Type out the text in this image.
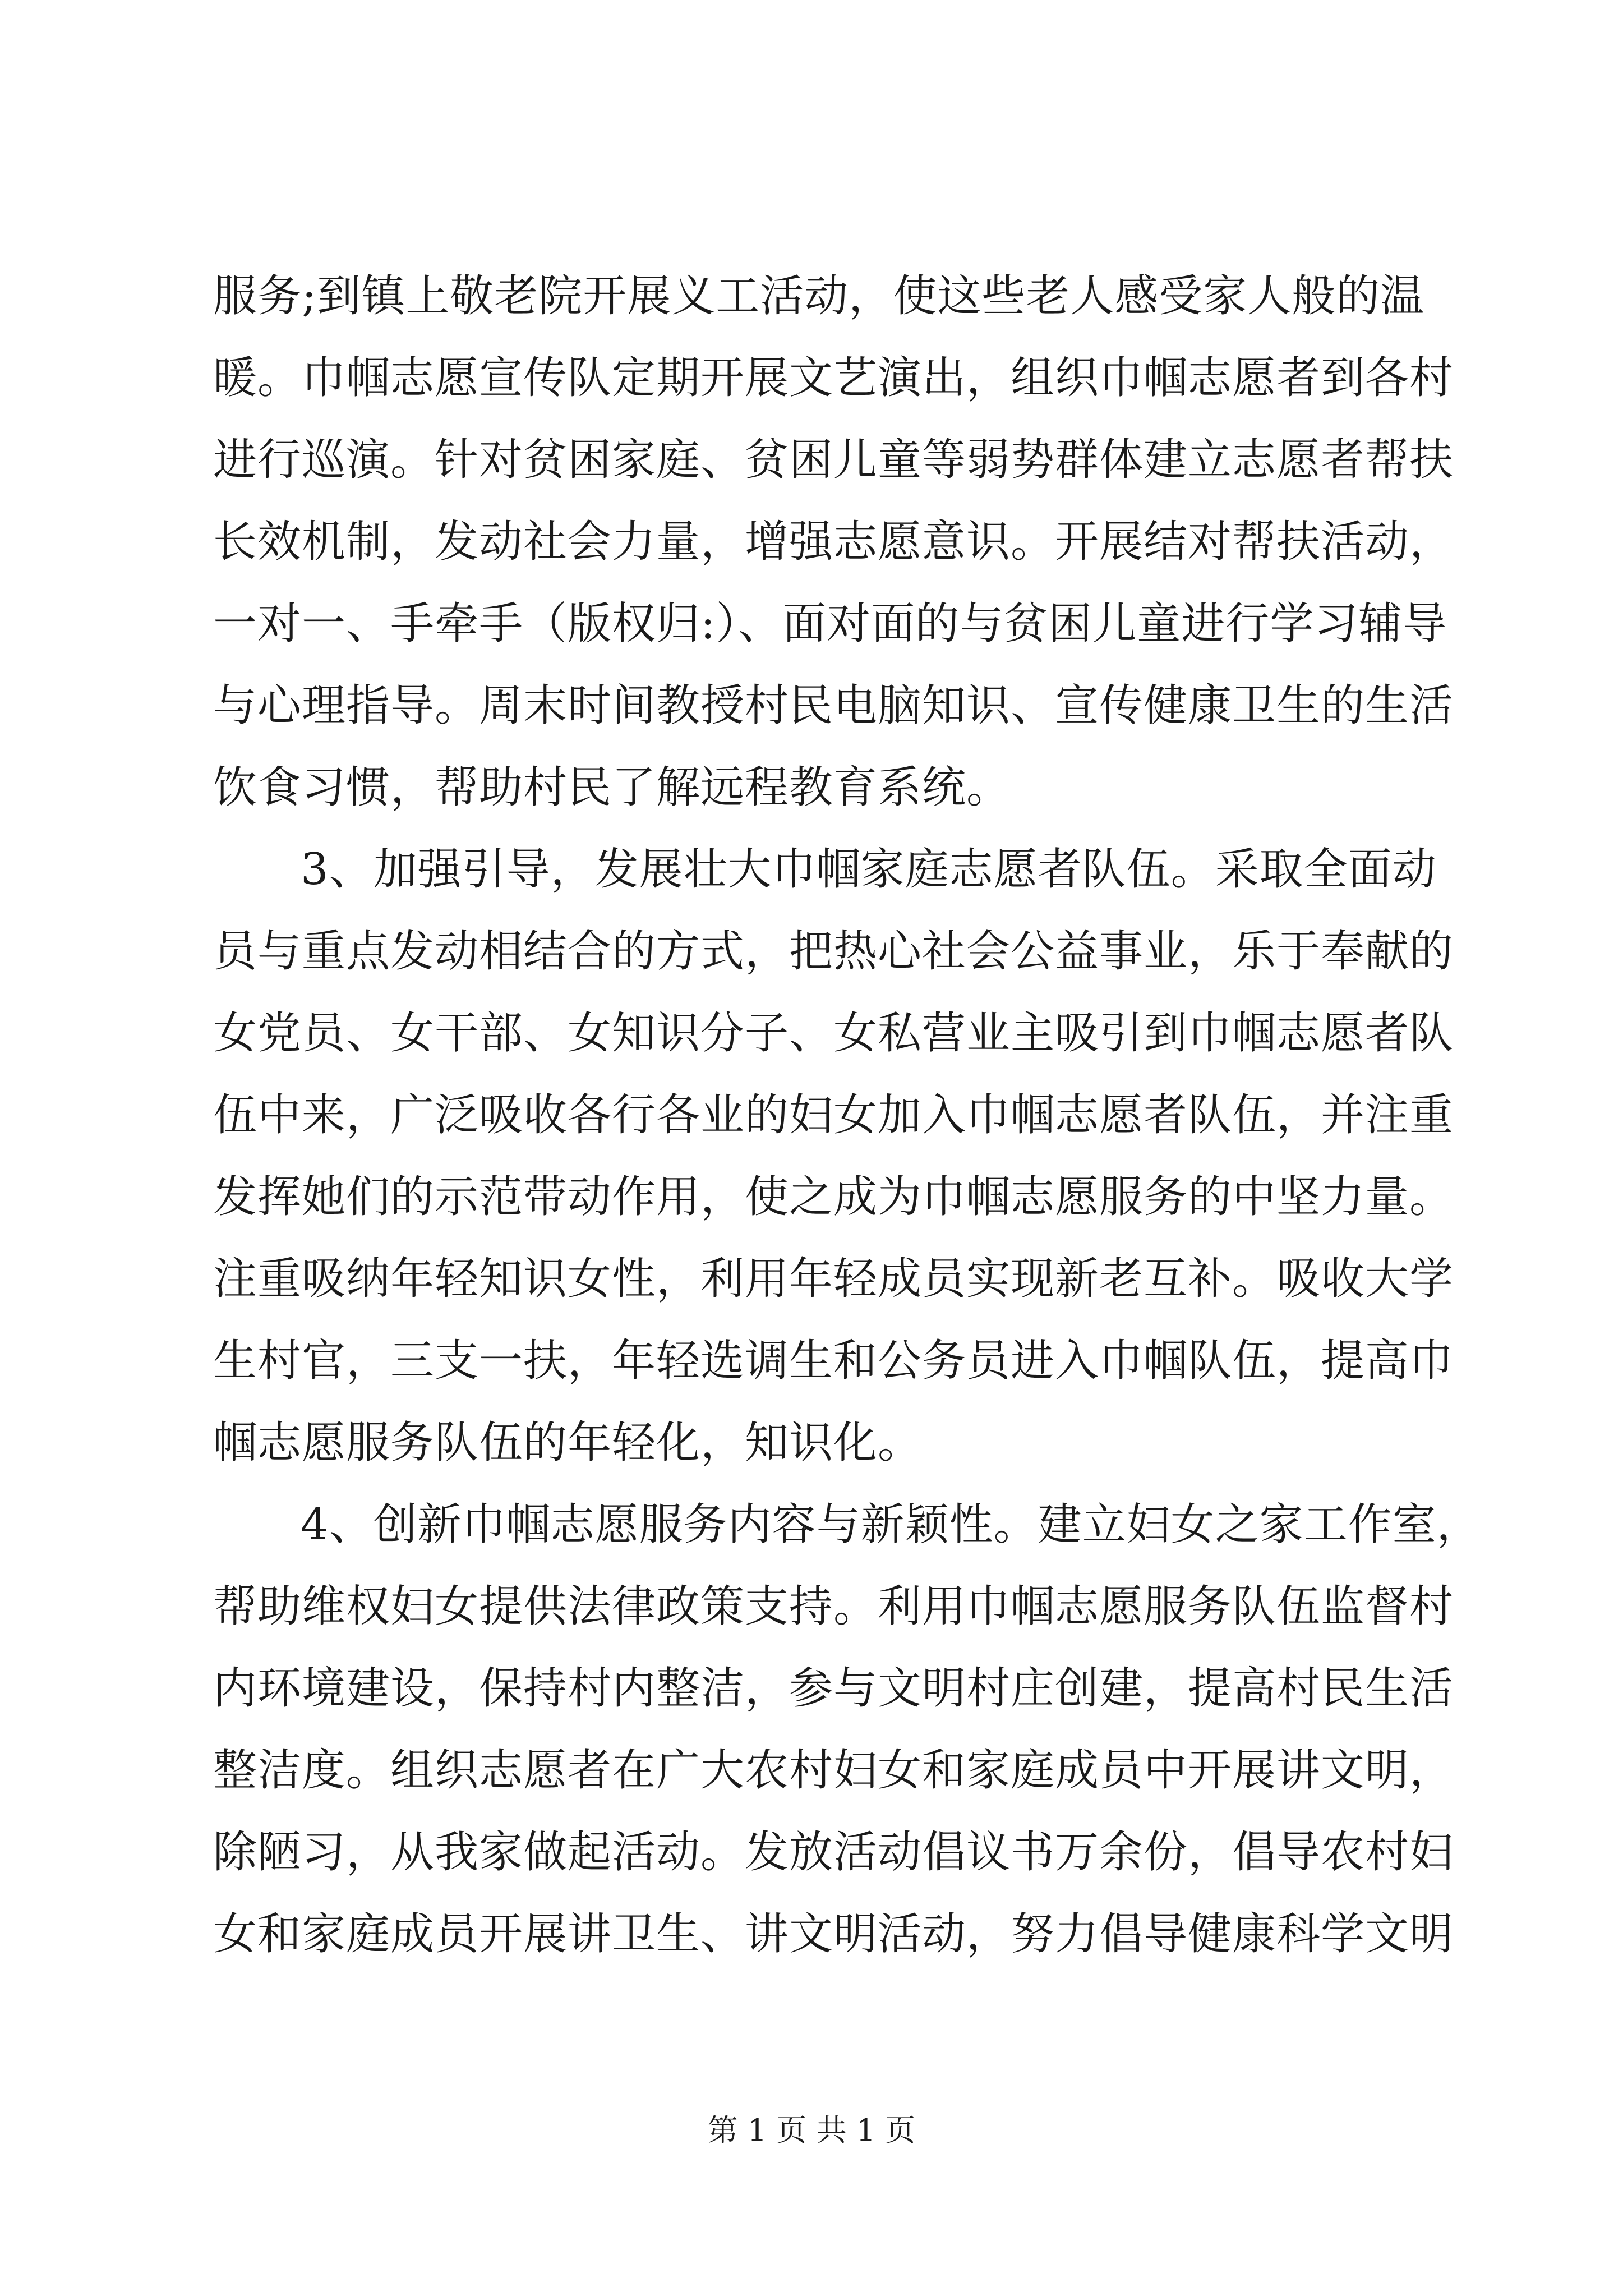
服务;到镇上敬老院开展义工活动，使这些老人感受家人般的温
暖。巾帼志愿宣传队定期开展文艺演出，组织巾帼志愿者到各村
进行巡演。针对贫困家庭、贫困儿童等弱势群体建立志愿者帮扶
长效机制，发动社会力量，增强志愿意识。开展结对帮扶活动，
一对一、手牵手（版权归:）、面对面的与贫困儿童进行学习辅导
与心理指导。周末时间教授村民电脑知识、宣传健康卫生的生活
饮食习惯，帮助村民了解远程教育系统。
3、加强引导，发展壮大巾帼家庭志愿者队伍。采取全面动
员与重点发动相结合的方式，把热心社会公益事业，乐于奉献的
女党员、女干部、女知识分子、女私营业主吸引到巾帼志愿者队
伍中来，广泛吸收各行各业的妇女加入巾帼志愿者队伍，并注重
发挥她们的示范带动作用，使之成为巾帼志愿服务的中坚力量。
注重吸纳年轻知识女性，利用年轻成员实现新老互补。吸收大学
生村官，三支一扶，年轻选调生和公务员进入巾帼队伍，提高巾
帼志愿服务队伍的年轻化，知识化。
4、创新巾帼志愿服务内容与新颖性。建立妇女之家工作室，
帮助维权妇女提供法律政策支持。利用巾帼志愿服务队伍监督村
内环境建设，保持村内整洁，参与文明村庄创建，提高村民生活
整洁度。组织志愿者在广大农村妇女和家庭成员中开展讲文明，
除陋习，从我家做起活动。发放活动倡议书万余份，倡导农村妇
女和家庭成员开展讲卫生、讲文明活动，努力倡导健康科学文明
第 1 页 共 1 页
